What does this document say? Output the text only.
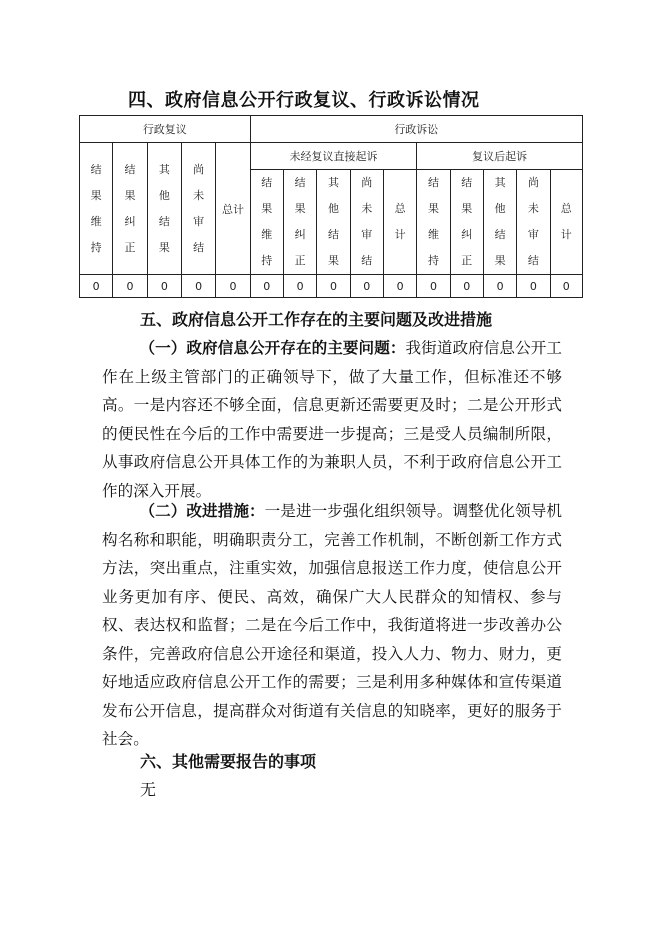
四、政府信息公开行政复议、行政诉讼情况
行政复议					行政诉讼									
结果维持	结果纠正	其他结果	尚未审结	总计	未经复议直接起诉					复议后起诉				
					结果维持	结果纠正	其他结果	尚未审结	总计	结果维持	结果纠正	其他结果	尚未审结	总计
0	0	0	0	0	0	0	0	0	0	0	0	0	0	0
五、政府信息公开工作存在的主要问题及改进措施

（一）政府信息公开存在的主要问题：我街道政府信息公开工作在上级主管部门的正确领导下，做了大量工作，但标准还不够高。一是内容还不够全面，信息更新还需要更及时；二是公开形式的便民性在今后的工作中需要进一步提高；三是受人员编制所限，从事政府信息公开具体工作的为兼职人员，不利于政府信息公开工作的深入开展。

（二）改进措施：一是进一步强化组织领导。调整优化领导机构名称和职能，明确职责分工，完善工作机制，不断创新工作方式方法，突出重点，注重实效，加强信息报送工作力度，使信息公开业务更加有序、便民、高效，确保广大人民群众的知情权、参与权、表达权和监督；二是在今后工作中，我街道将进一步改善办公条件，完善政府信息公开途径和渠道，投入人力、物力、财力，更好地适应政府信息公开工作的需要；三是利用多种媒体和宣传渠道发布公开信息，提高群众对街道有关信息的知晓率，更好的服务于社会。

六、其他需要报告的事项
无
